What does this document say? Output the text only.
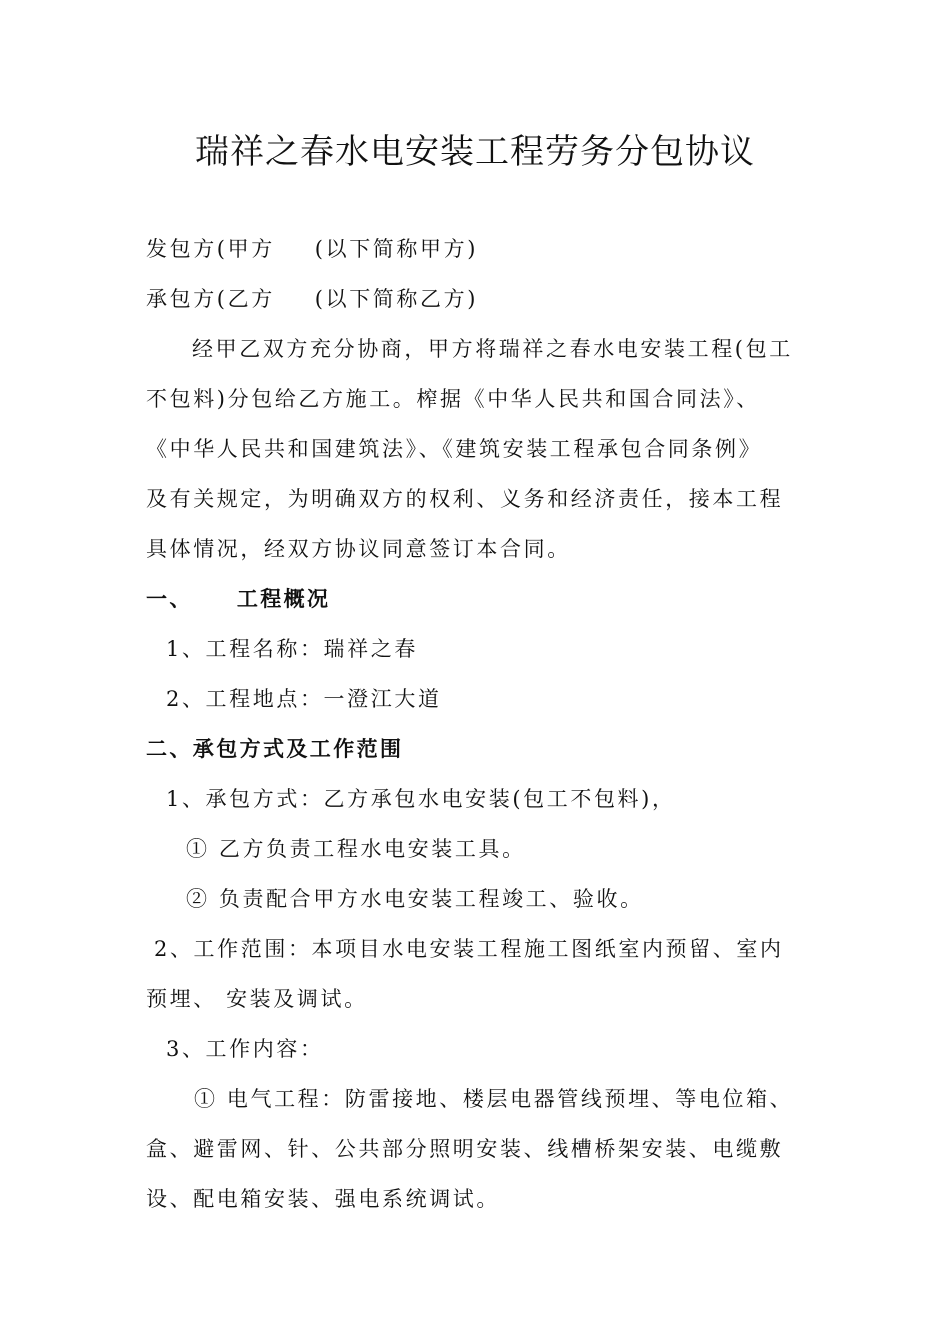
瑞祥之春水电安装工程劳务分包协议

发包方(甲方 (以下简称甲方)

承包方(乙方 (以下简称乙方)

经甲乙双方充分协商，甲方将瑞祥之春水电安装工程(包工

不包料)分包给乙方施工。榨据《中华人民共和国合同法》、

《中华人民共和国建筑法》、《建筑安装工程承包合同条例》

及有关规定，为明确双方的权利、义务和经济责任，接本工程

具体情况，经双方协议同意签订本合同。

一、 工程概况

1、工程名称：瑞祥之春

2、工程地点：一澄江大道

二、承包方式及工作范围

1、承包方式：乙方承包水电安装(包工不包料)，

① 乙方负责工程水电安装工具。

② 负责配合甲方水电安装工程竣工、验收。

2、工作范围：本项目水电安装工程施工图纸室内预留、室内

预埋、 安装及调试。

3、工作内容：

① 电气工程：防雷接地、楼层电器管线预埋、等电位箱、

盒、避雷网、针、公共部分照明安装、线槽桥架安装、电缆敷

设、配电箱安装、强电系统调试。
